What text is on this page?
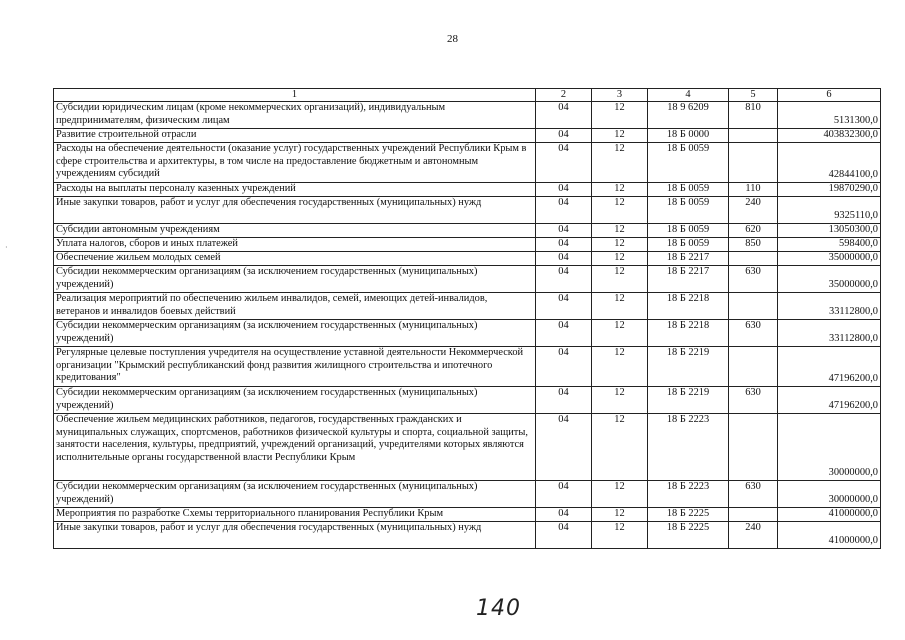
28
1	2	3	4	5	6
Субсидии юридическим лицам (кроме некоммерческих организаций), индивидуальным предпринимателям, физическим лицам	04	12	18 9 6209	810	5131300,0
Развитие строительной отрасли	04	12	18 Б 0000		403832300,0
Расходы на обеспечение деятельности (оказание услуг) государственных учреждений Республики Крым в сфере строительства и архитектуры, в том числе на предоставление бюджетным и автономным учреждениям субсидий	04	12	18 Б 0059		42844100,0
Расходы на выплаты персоналу казенных учреждений	04	12	18 Б 0059	110	19870290,0
Иные закупки товаров, работ и услуг для обеспечения государственных (муниципальных) нужд	04	12	18 Б 0059	240	9325110,0
Субсидии автономным учреждениям	04	12	18 Б 0059	620	13050300,0
Уплата налогов, сборов и иных платежей	04	12	18 Б 0059	850	598400,0
Обеспечение жильем молодых семей	04	12	18 Б 2217		35000000,0
Субсидии некоммерческим организациям (за исключением государственных (муниципальных) учреждений)	04	12	18 Б 2217	630	35000000,0
Реализация мероприятий по обеспечению жильем инвалидов, семей, имеющих детей-инвалидов, ветеранов и инвалидов боевых действий	04	12	18 Б 2218		33112800,0
Субсидии некоммерческим организациям (за исключением государственных (муниципальных) учреждений)	04	12	18 Б 2218	630	33112800,0
Регулярные целевые поступления учредителя на осуществление уставной деятельности Некоммерческой организации "Крымский республиканский фонд развития жилищного строительства и ипотечного кредитования"	04	12	18 Б 2219		47196200,0
Субсидии некоммерческим организациям (за исключением государственных (муниципальных) учреждений)	04	12	18 Б 2219	630	47196200,0
Обеспечение жильем медицинских работников, педагогов, государственных гражданских и муниципальных служащих, спортсменов, работников физической культуры и спорта, социальной защиты, занятости населения, культуры, предприятий, учреждений организаций, учредителями которых являются исполнительные органы государственной власти Республики Крым	04	12	18 Б 2223		30000000,0
Субсидии некоммерческим организациям (за исключением государственных (муниципальных) учреждений)	04	12	18 Б 2223	630	30000000,0
Мероприятия по разработке Схемы территориального планирования Республики Крым	04	12	18 Б 2225		41000000,0
Иные закупки товаров, работ и услуг для обеспечения государственных (муниципальных) нужд	04	12	18 Б 2225	240	41000000,0
140
·
